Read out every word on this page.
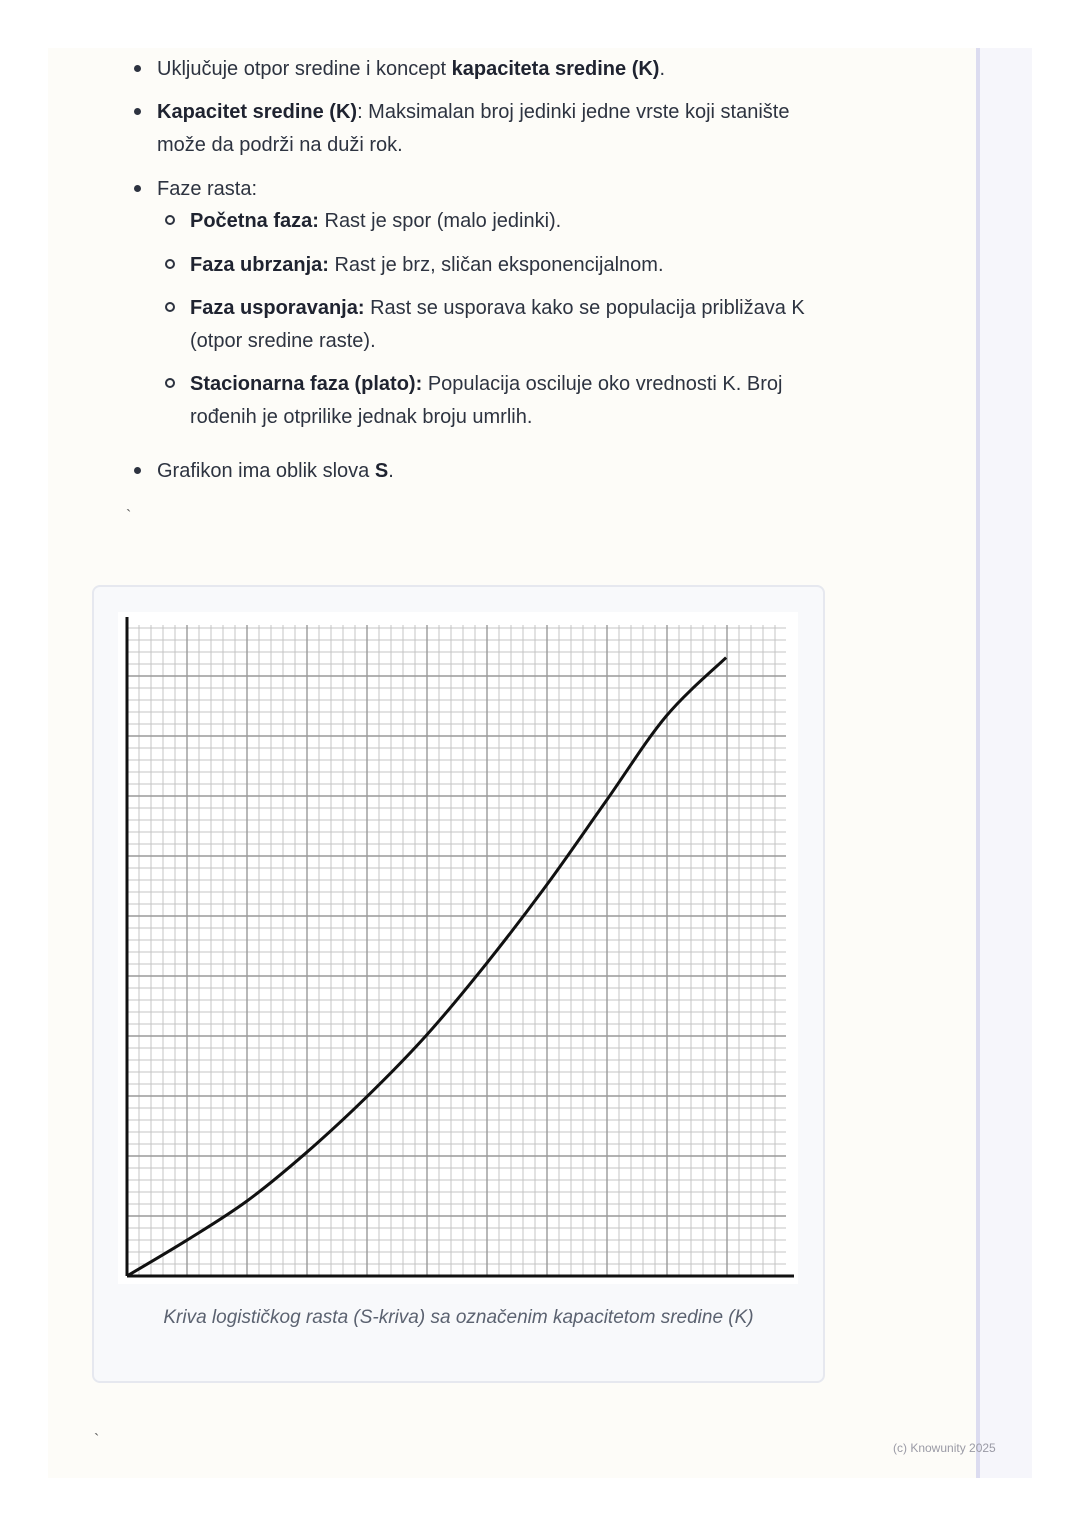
Uključuje otpor sredine i koncept kapaciteta sredine (K).
Kapacitet sredine (K): Maksimalan broj jedinki jedne vrste koji stanište
može da podrži na duži rok.
Faze rasta:
Početna faza: Rast je spor (malo jedinki).
Faza ubrzanja: Rast je brz, sličan eksponencijalnom.
Faza usporavanja: Rast se usporava kako se populacija približava K
(otpor sredine raste).
Stacionarna faza (plato): Populacija osciluje oko vrednosti K. Broj
rođenih je otprilike jednak broju umrlih.
Grafikon ima oblik slova S.
`
Kriva logističkog rasta (S-kriva) sa označenim kapacitetom sredine (K)
`	(c) Knowunity 2025
